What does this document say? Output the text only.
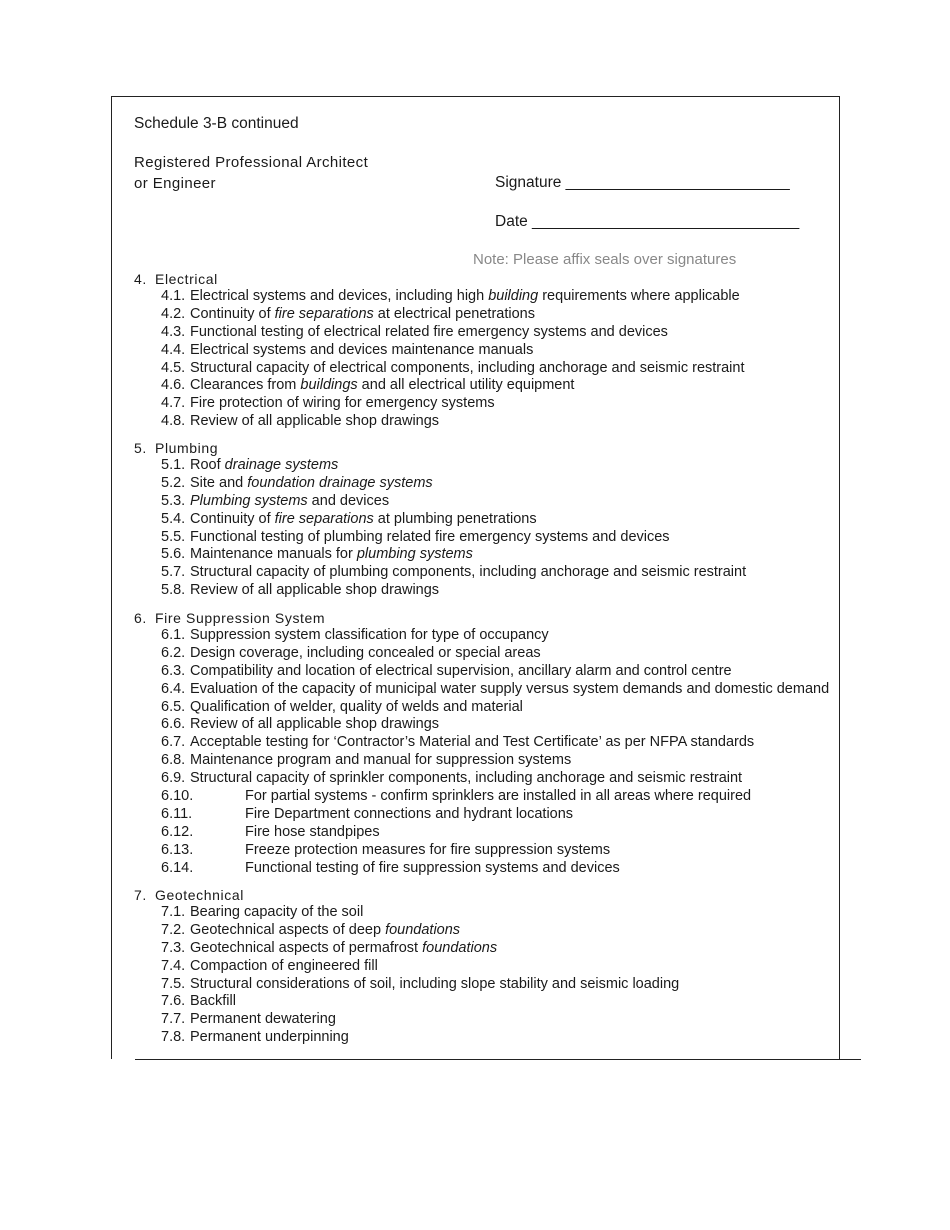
Schedule 3-B continued
Registered Professional Architect
or Engineer	Signature __________________________
Date _______________________________
Note: Please affix seals over signatures
4. Electrical
4.1. Electrical systems and devices, including high building requirements where applicable
4.2. Continuity of fire separations at electrical penetrations
4.3. Functional testing of electrical related fire emergency systems and devices
4.4. Electrical systems and devices maintenance manuals
4.5. Structural capacity of electrical components, including anchorage and seismic restraint
4.6. Clearances from buildings and all electrical utility equipment
4.7. Fire protection of wiring for emergency systems
4.8. Review of all applicable shop drawings
5. Plumbing
5.1. Roof drainage systems
5.2. Site and foundation drainage systems
5.3. Plumbing systems and devices
5.4. Continuity of fire separations at plumbing penetrations
5.5. Functional testing of plumbing related fire emergency systems and devices
5.6. Maintenance manuals for plumbing systems
5.7. Structural capacity of plumbing components, including anchorage and seismic restraint
5.8. Review of all applicable shop drawings
6. Fire Suppression System
6.1. Suppression system classification for type of occupancy
6.2. Design coverage, including concealed or special areas
6.3. Compatibility and location of electrical supervision, ancillary alarm and control centre
6.4. Evaluation of the capacity of municipal water supply versus system demands and domestic demand
6.5. Qualification of welder, quality of welds and material
6.6. Review of all applicable shop drawings
6.7. Acceptable testing for ‘Contractor’s Material and Test Certificate’ as per NFPA standards
6.8. Maintenance program and manual for suppression systems
6.9. Structural capacity of sprinkler components, including anchorage and seismic restraint
6.10.	For partial systems - confirm sprinklers are installed in all areas where required
6.11.	Fire Department connections and hydrant locations
6.12.	Fire hose standpipes
6.13.	Freeze protection measures for fire suppression systems
6.14.	Functional testing of fire suppression systems and devices
7. Geotechnical
7.1. Bearing capacity of the soil
7.2. Geotechnical aspects of deep foundations
7.3. Geotechnical aspects of permafrost foundations
7.4. Compaction of engineered fill
7.5. Structural considerations of soil, including slope stability and seismic loading
7.6. Backfill
7.7. Permanent dewatering
7.8. Permanent underpinning
